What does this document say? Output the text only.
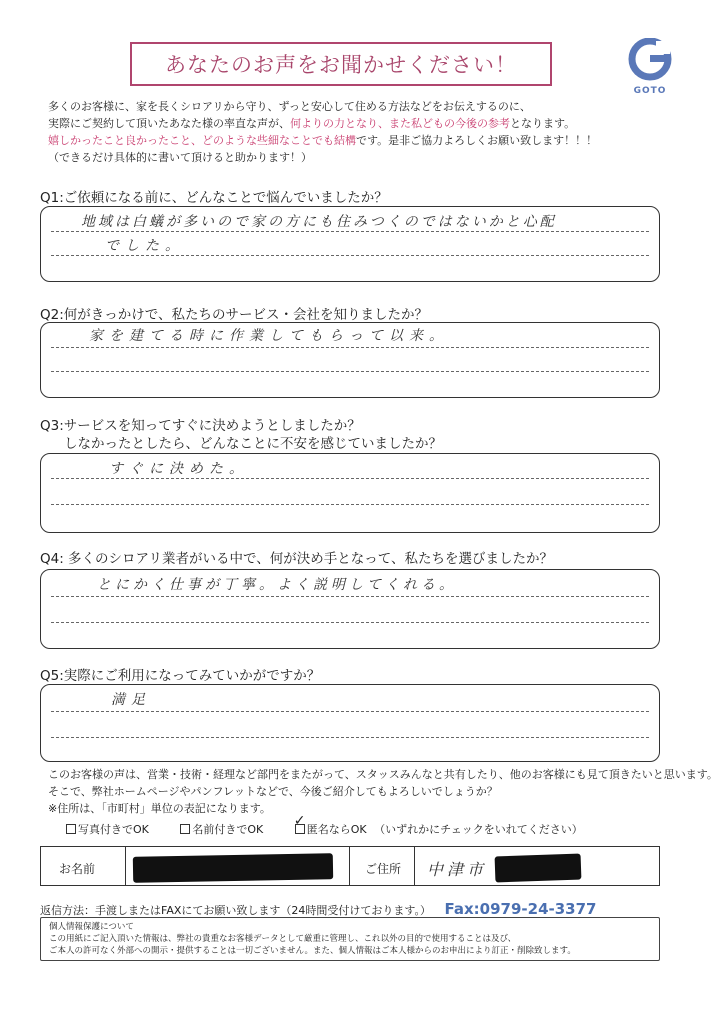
あなたのお声をお聞かせください！
GOTO
多くのお客様に、家を長くシロアリから守り、ずっと安心して住める方法などをお伝えするのに、
実際にご契約して頂いたあなた様の率直な声が、何よりの力となり、また私どもの今後の参考となります。
嬉しかったこと良かったこと、どのような些細なことでも結構です。是非ご協力よろしくお願い致します！！！
（できるだけ具体的に書いて頂けると助かります！）
Q1:ご依頼になる前に、どんなことで悩んでいましたか？
地域は白蟻が多いので家の方にも住みつくのではないかと心配
でした。
Q2:何がきっかけで、私たちのサービス・会社を知りましたか？
家を建てる時に作業してもらって以来。
Q3:サービスを知ってすぐに決めようとしましたか？
しなかったとしたら、どんなことに不安を感じていましたか？
すぐに決めた。
Q4: 多くのシロアリ業者がいる中で、何が決め手となって、私たちを選びましたか？
とにかく仕事が丁寧。よく説明してくれる。
Q5:実際にご利用になってみていかがですか？
満足
このお客様の声は、営業・技術・経理など部門をまたがって、スタッスみんなと共有したり、他のお客様にも見て頂きたいと思います。
そこで、弊社ホームページやパンフレットなどで、今後ご紹介してもよろしいでしょうか？
※住所は、「市町村」単位の表記になります。
写真付きでOK	名前付きでOK
✓
匿名ならOK （いずれかにチェックをいれてください）
お名前	ご住所 中津市
返信方法：手渡しまたはFAXにてお願い致します（24時間受付けております。） Fax:0979-24-3377
個人情報保護について
この用紙にご記入頂いた情報は、弊社の貴重なお客様データとして厳重に管理し、これ以外の目的で使用することは及び、
ご本人の許可なく外部への開示・提供することは一切ございません。また、個人情報はご本人様からのお申出により訂正・削除致します。
